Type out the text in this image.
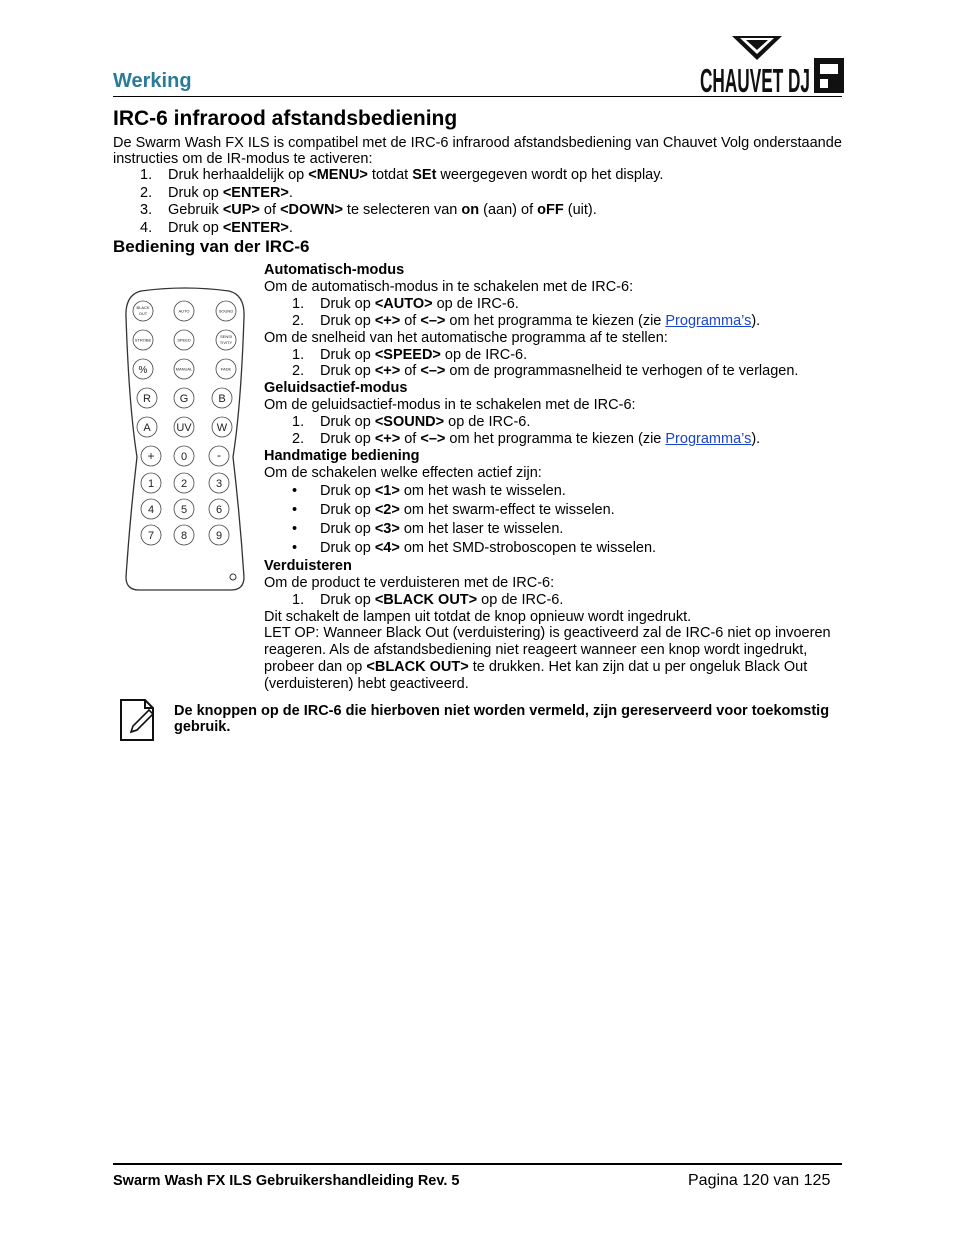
Werking	CHAUVET DJ
IRC-6 infrarood afstandsbediening
De Swarm Wash FX ILS is compatibel met de IRC-6 infrarood afstandsbediening van Chauvet Volg onderstaande instructies om de IR-modus te activeren:
1. Druk herhaaldelijk op <MENU> totdat SEt weergegeven wordt op het display.
2. Druk op <ENTER>.
3. Gebruik <UP> of <DOWN> te selecteren van on (aan) of oFF (uit).
4. Druk op <ENTER>.
Bediening van der IRC-6
BLACK
OUT	AUTO	SOUND
STROBE	SPEED
SENSI
TIVITY
%	MANUAL	FADE
R	G	B
A UV W
+ 0 -
1 2	3
4 5	6
7 8	9
Automatisch-modus
Om de automatisch-modus in te schakelen met de IRC-6:
1. Druk op <AUTO> op de IRC-6.
2. Druk op <+> of <–> om het programma te kiezen (zie Programma’s).
Om de snelheid van het automatische programma af te stellen:
1. Druk op <SPEED> op de IRC-6.
2. Druk op <+> of <–> om de programmasnelheid te verhogen of te verlagen.
Geluidsactief-modus
Om de geluidsactief-modus in te schakelen met de IRC-6:
1. Druk op <SOUND> op de IRC-6.
2. Druk op <+> of <–> om het programma te kiezen (zie Programma’s).
Handmatige bediening
Om de schakelen welke effecten actief zijn:
• Druk op <1> om het wash te wisselen.
• Druk op <2> om het swarm-effect te wisselen.
• Druk op <3> om het laser te wisselen.
• Druk op <4> om het SMD-stroboscopen te wisselen.
Verduisteren
Om de product te verduisteren met de IRC-6:
1. Druk op <BLACK OUT> op de IRC-6.
Dit schakelt de lampen uit totdat de knop opnieuw wordt ingedrukt.
LET OP: Wanneer Black Out (verduistering) is geactiveerd zal de IRC-6 niet op invoeren reageren. Als de afstandsbediening niet reageert wanneer een knop wordt ingedrukt, probeer dan op <BLACK OUT> te drukken. Het kan zijn dat u per ongeluk Black Out (verduisteren) hebt geactiveerd.
De knoppen op de IRC-6 die hierboven niet worden vermeld, zijn gereserveerd voor toekomstig gebruik.
Swarm Wash FX ILS Gebruikershandleiding Rev. 5	Pagina 120 van 125
